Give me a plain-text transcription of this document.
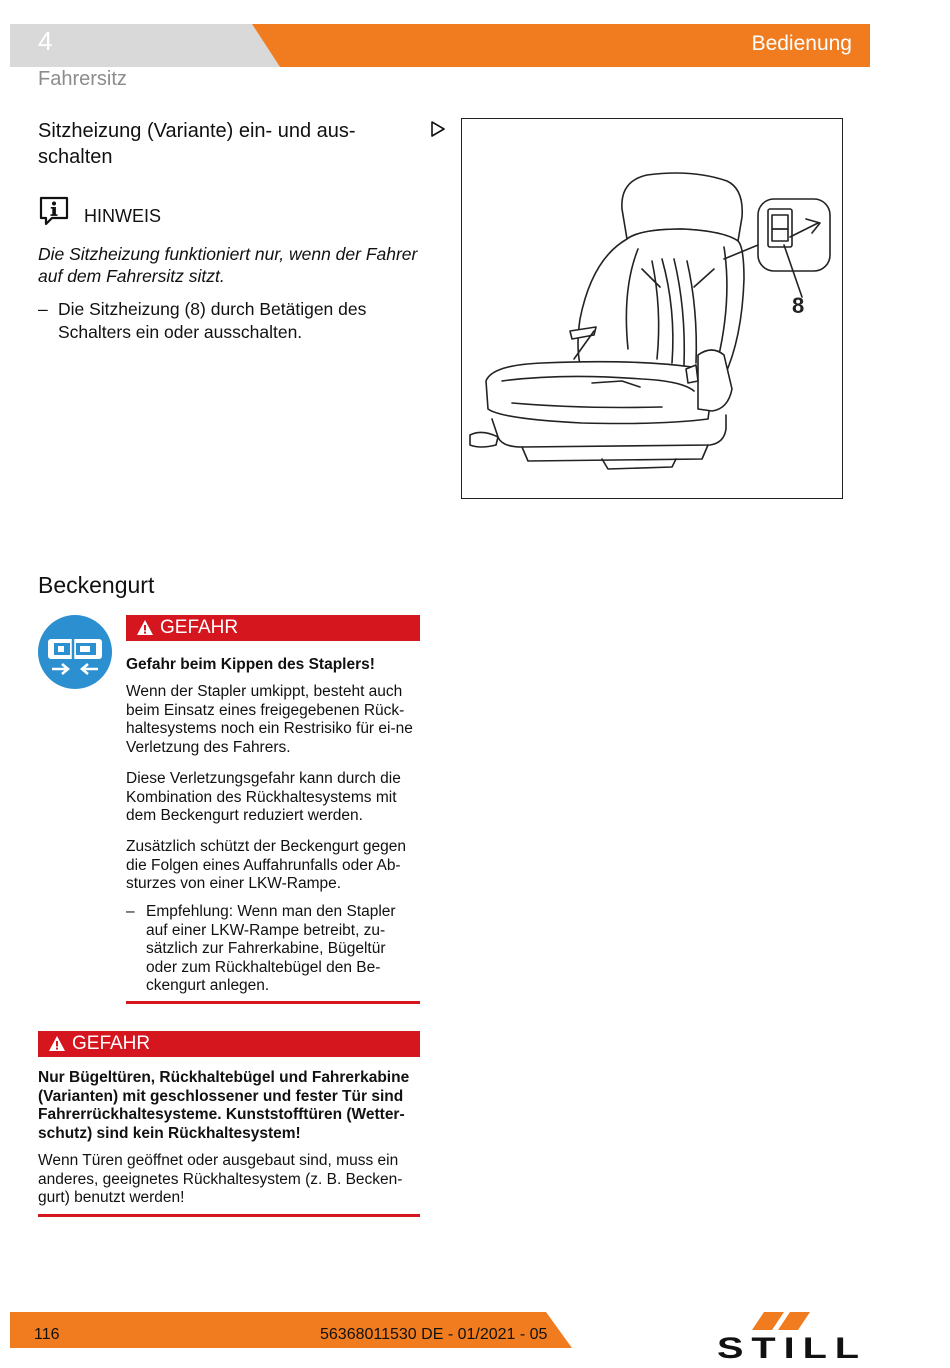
4	Bedienung
Fahrersitz
Sitzheizung (Variante) ein- und aus-
schalten
HINWEIS
Die Sitzheizung funktioniert nur, wenn der Fahrer auf dem Fahrersitz sitzt.
– Die Sitzheizung (8) durch Betätigen des Schalters ein oder ausschalten.
8
Beckengurt
GEFAHR
Gefahr beim Kippen des Staplers!
Wenn der Stapler umkippt, besteht auch beim Einsatz eines freigegebenen Rück-haltesystems noch ein Restrisiko für ei-ne Verletzung des Fahrers.
Diese Verletzungsgefahr kann durch die Kombination des Rückhaltesystems mit dem Beckengurt reduziert werden.
Zusätzlich schützt der Beckengurt gegen die Folgen eines Auffahrunfalls oder Ab-sturzes von einer LKW-Rampe.
– Empfehlung: Wenn man den Stapler auf einer LKW-Rampe betreibt, zu-sätzlich zur Fahrerkabine, Bügeltür oder zum Rückhaltebügel den Be-ckengurt anlegen.
GEFAHR
Nur Bügeltüren, Rückhaltebügel und Fahrerkabine (Varianten) mit geschlossener und fester Tür sind Fahrerrückhaltesysteme. Kunststofftüren (Wetter-schutz) sind kein Rückhaltesystem!
Wenn Türen geöffnet oder ausgebaut sind, muss ein anderes, geeignetes Rückhaltesystem (z. B. Becken-gurt) benutzt werden!
116	56368011530 DE - 01/2021 - 05	STILL
